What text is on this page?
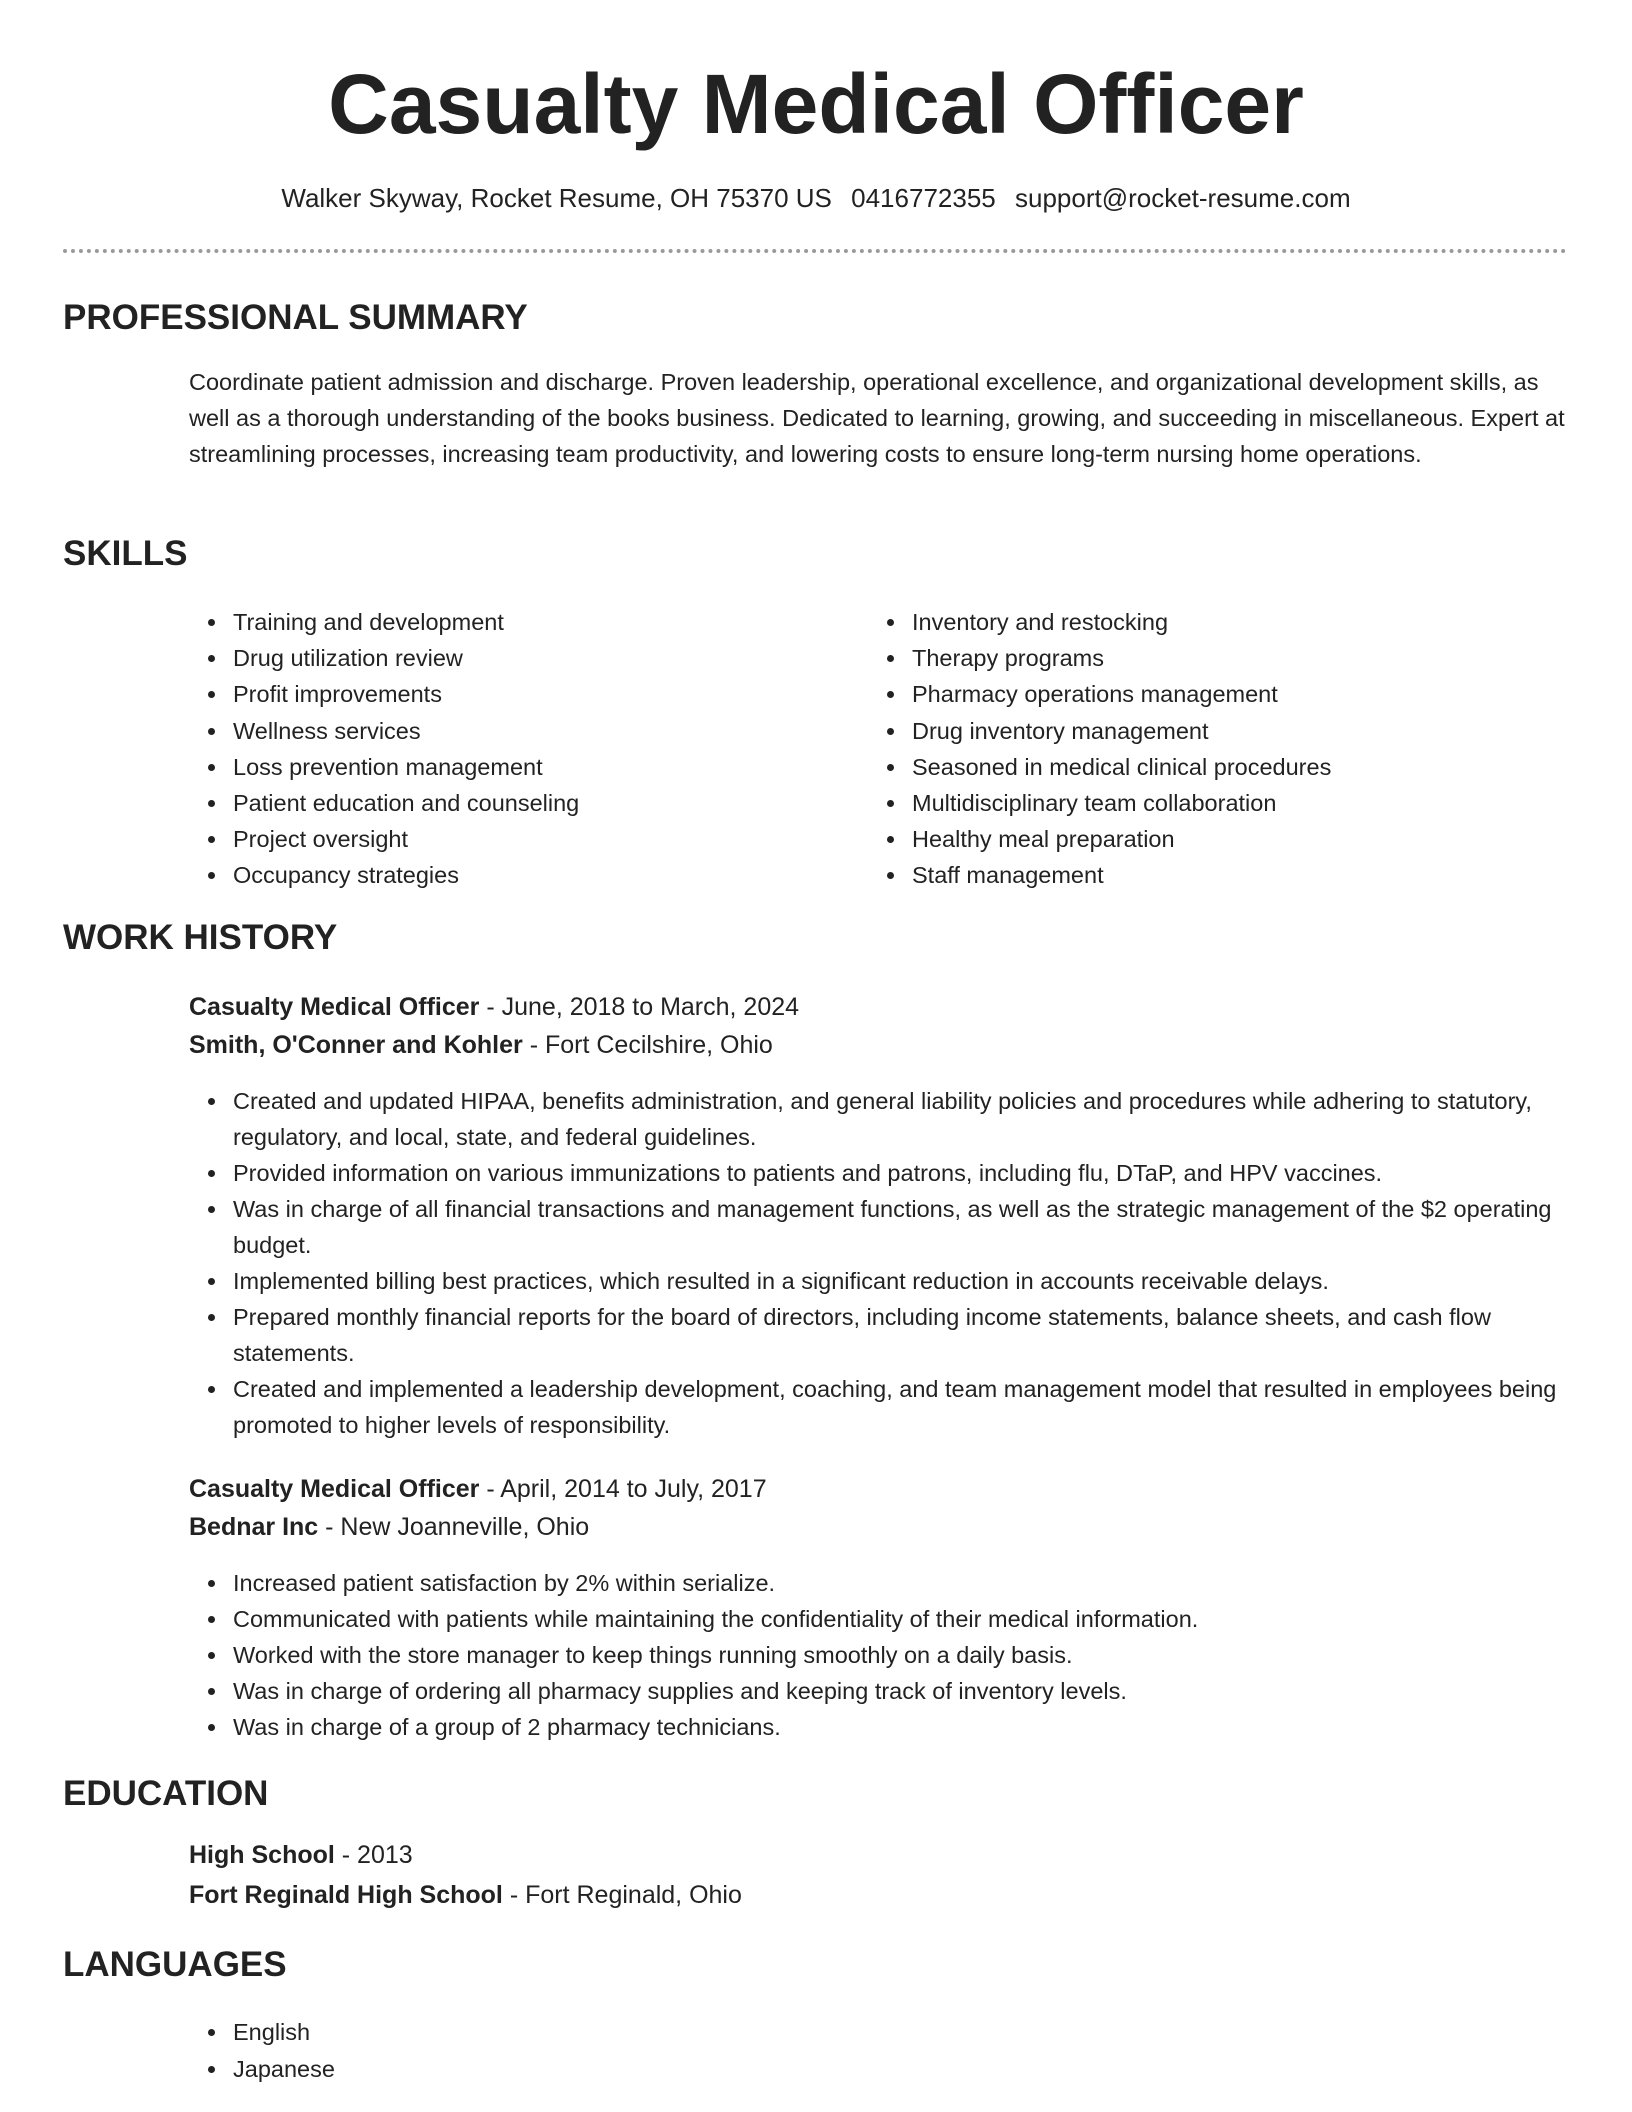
Casualty Medical Officer
Walker Skyway, Rocket Resume, OH 75370 US 0416772355 support@rocket-resume.com
PROFESSIONAL SUMMARY

Coordinate patient admission and discharge. Proven leadership, operational excellence, and organizational development skills, as well as a thorough understanding of the books business. Dedicated to learning, growing, and succeeding in miscellaneous. Expert at streamlining processes, increasing team productivity, and lowering costs to ensure long-term nursing home operations.

SKILLS
Training and development
Drug utilization review
Profit improvements
Wellness services
Loss prevention management
Patient education and counseling
Project oversight
Occupancy strategies
Inventory and restocking
Therapy programs
Pharmacy operations management
Drug inventory management
Seasoned in medical clinical procedures
Multidisciplinary team collaboration
Healthy meal preparation
Staff management
WORK HISTORY
Casualty Medical Officer - June, 2018 to March, 2024
Smith, O'Conner and Kohler - Fort Cecilshire, Ohio
Created and updated HIPAA, benefits administration, and general liability policies and procedures while adhering to statutory, regulatory, and local, state, and federal guidelines.
Provided information on various immunizations to patients and patrons, including flu, DTaP, and HPV vaccines.
Was in charge of all financial transactions and management functions, as well as the strategic management of the $2 operating budget.
Implemented billing best practices, which resulted in a significant reduction in accounts receivable delays.
Prepared monthly financial reports for the board of directors, including income statements, balance sheets, and cash flow statements.
Created and implemented a leadership development, coaching, and team management model that resulted in employees being promoted to higher levels of responsibility.
Casualty Medical Officer - April, 2014 to July, 2017
Bednar Inc - New Joanneville, Ohio
Increased patient satisfaction by 2% within serialize.
Communicated with patients while maintaining the confidentiality of their medical information.
Worked with the store manager to keep things running smoothly on a daily basis.
Was in charge of ordering all pharmacy supplies and keeping track of inventory levels.
Was in charge of a group of 2 pharmacy technicians.
EDUCATION
High School - 2013
Fort Reginald High School - Fort Reginald, Ohio
LANGUAGES
English
Japanese
